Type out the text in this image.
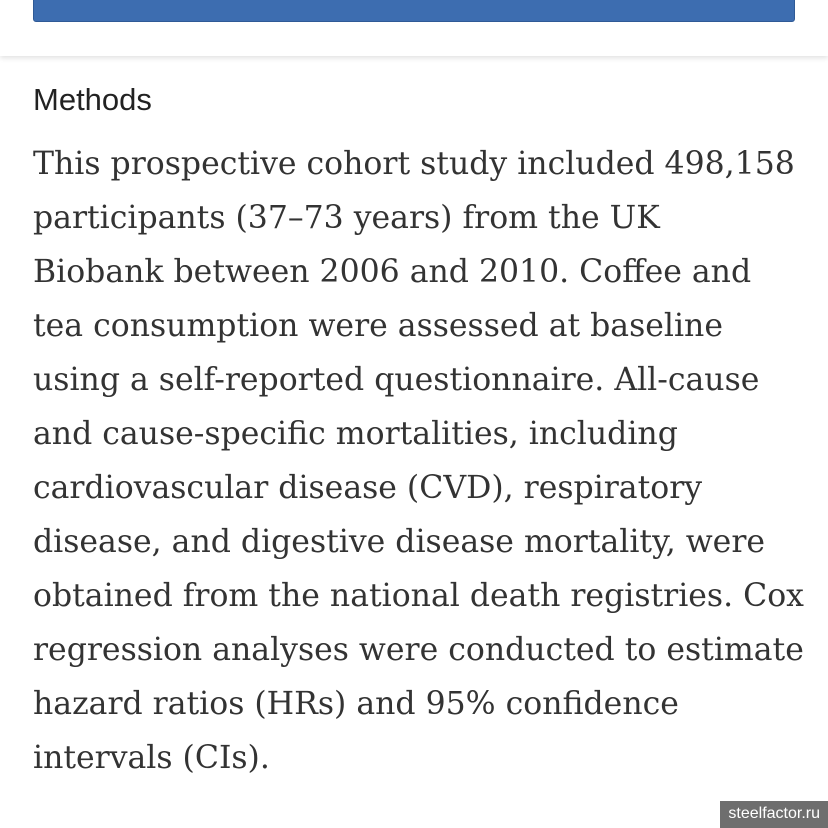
Methods

This prospective cohort study included 498,158
participants (37–73 years) from the UK
Biobank between 2006 and 2010. Coffee and
tea consumption were assessed at baseline
using a self-reported questionnaire. All-cause
and cause-specific mortalities, including
cardiovascular disease (CVD), respiratory
disease, and digestive disease mortality, were
obtained from the national death registries. Cox
regression analyses were conducted to estimate
hazard ratios (HRs) and 95% confidence
intervals (CIs).

steelfactor.ru
